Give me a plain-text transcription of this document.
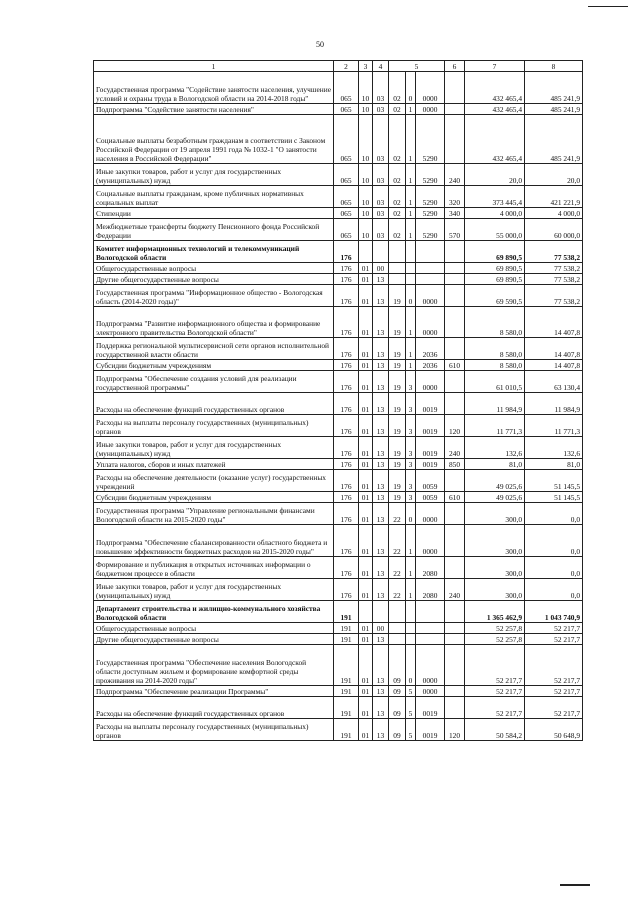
50
1	2	3	4	5			6	7	8
Государственная программа "Содействие занятости населения, улучшение условий и охраны труда в Вологодской области на 2014-2018 годы"	065	10	03	02	0	0000		432 465,4	485 241,9
Подпрограмма "Содействие занятости населения"	065	10	03	02	1	0000		432 465,4	485 241,9
Социальные выплаты безработным гражданам в соответствии с Законом Российской Федерации от 19 апреля 1991 года № 1032-1 "О занятости населения в Российской Федерации"	065	10	03	02	1	5290		432 465,4	485 241,9
Иные закупки товаров, работ и услуг для государственных (муниципальных) нужд	065	10	03	02	1	5290	240	20,0	20,0
Социальные выплаты гражданам, кроме публичных нормативных социальных выплат	065	10	03	02	1	5290	320	373 445,4	421 221,9
Стипендии	065	10	03	02	1	5290	340	4 000,0	4 000,0
Межбюджетные трансферты бюджету Пенсионного фонда Российской Федерации	065	10	03	02	1	5290	570	55 000,0	60 000,0
Комитет информационных технологий и телекоммуникаций Вологодской области	176							69 890,5	77 538,2
Общегосударственные вопросы	176	01	00					69 890,5	77 538,2
Другие общегосударственные вопросы	176	01	13					69 890,5	77 538,2
Государственная программа "Информационное общество - Вологодская область (2014-2020 годы)"	176	01	13	19	0	0000		69 590,5	77 538,2
Подпрограмма "Развитие информационного общества и формирование электронного правительства Вологодской области"	176	01	13	19	1	0000		8 580,0	14 407,8
Поддержка региональной мультисервисной сети органов исполнительной государственной власти области	176	01	13	19	1	2036		8 580,0	14 407,8
Субсидии бюджетным учреждениям	176	01	13	19	1	2036	610	8 580,0	14 407,8
Подпрограмма "Обеспечение создания условий для реализации государственной программы"	176	01	13	19	3	0000		61 010,5	63 130,4
Расходы на обеспечение функций государственных органов	176	01	13	19	3	0019		11 984,9	11 984,9
Расходы на выплаты персоналу государственных (муниципальных) органов	176	01	13	19	3	0019	120	11 771,3	11 771,3
Иные закупки товаров, работ и услуг для государственных (муниципальных) нужд	176	01	13	19	3	0019	240	132,6	132,6
Уплата налогов, сборов и иных платежей	176	01	13	19	3	0019	850	81,0	81,0
Расходы на обеспечение деятельности (оказание услуг) государственных учреждений	176	01	13	19	3	0059		49 025,6	51 145,5
Субсидии бюджетным учреждениям	176	01	13	19	3	0059	610	49 025,6	51 145,5
Государственная программа "Управление региональными финансами Вологодской области на 2015-2020 годы"	176	01	13	22	0	0000		300,0	0,0
Подпрограмма "Обеспечение сбалансированности областного бюджета и повышение эффективности бюджетных расходов на 2015-2020 годы"	176	01	13	22	1	0000		300,0	0,0
Формирование и публикация в открытых источниках информации о бюджетном процессе в области	176	01	13	22	1	2080		300,0	0,0
Иные закупки товаров, работ и услуг для государственных (муниципальных) нужд	176	01	13	22	1	2080	240	300,0	0,0
Департамент строительства и жилищно-коммунального хозяйства Вологодской области	191							1 365 462,9	1 043 740,9
Общегосударственные вопросы	191	01	00					52 257,8	52 217,7
Другие общегосударственные вопросы	191	01	13					52 257,8	52 217,7
Государственная программа "Обеспечение населения Вологодской области доступным жильем и формирование комфортной среды проживания на 2014-2020 годы"	191	01	13	09	0	0000		52 217,7	52 217,7
Подпрограмма "Обеспечение реализации Программы"	191	01	13	09	5	0000		52 217,7	52 217,7
Расходы на обеспечение функций государственных органов	191	01	13	09	5	0019		52 217,7	52 217,7
Расходы на выплаты персоналу государственных (муниципальных) органов	191	01	13	09	5	0019	120	50 584,2	50 648,9
